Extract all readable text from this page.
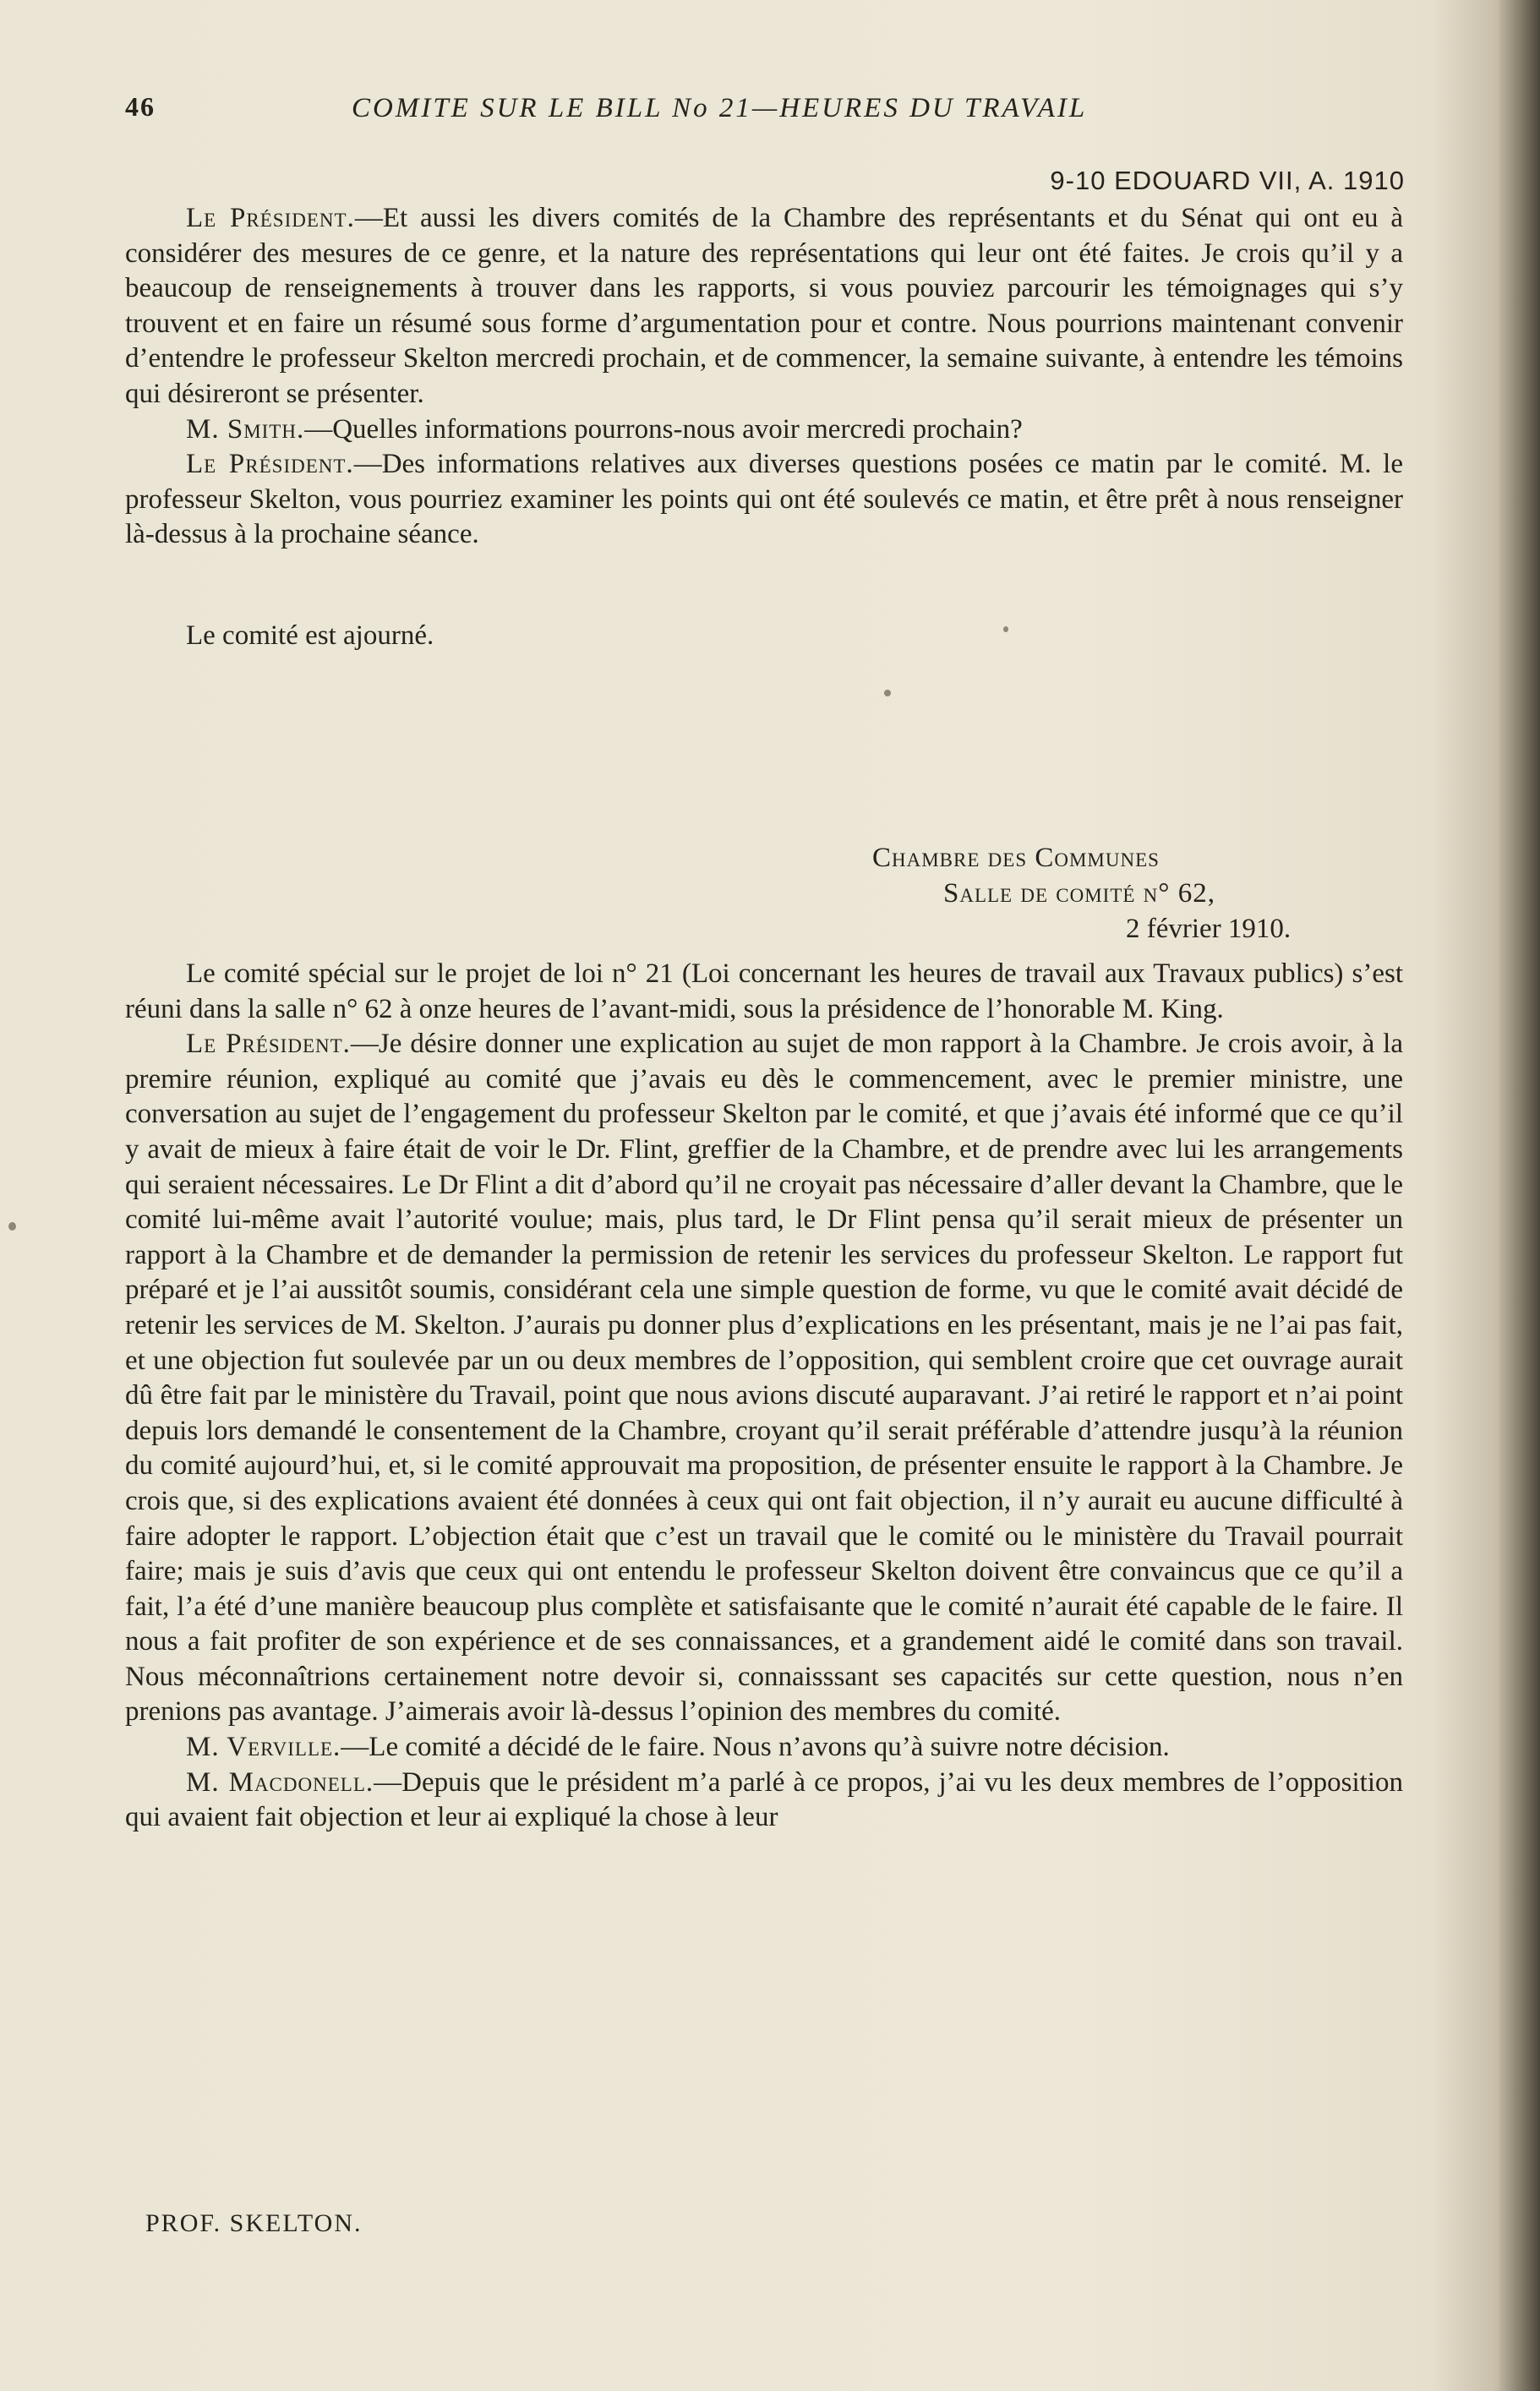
46	COMITE SUR LE BILL No 21—HEURES DU TRAVAIL
9-10 EDOUARD VII, A. 1910

Le Président.—Et aussi les divers comités de la Chambre des représentants et du Sénat qui ont eu à considérer des mesures de ce genre, et la nature des représentations qui leur ont été faites. Je crois qu’il y a beaucoup de renseignements à trouver dans les rapports, si vous pouviez parcourir les témoignages qui s’y trouvent et en faire un résumé sous forme d’argumentation pour et contre. Nous pourrions maintenant convenir d’entendre le professeur Skelton mercredi prochain, et de commencer, la semaine suivante, à entendre les témoins qui désireront se présenter.

M. Smith.—Quelles informations pourrons-nous avoir mercredi prochain?

Le Président.—Des informations relatives aux diverses questions posées ce matin par le comité. M. le professeur Skelton, vous pourriez examiner les points qui ont été soulevés ce matin, et être prêt à nous renseigner là-dessus à la prochaine séance.

Le comité est ajourné.
Chambre des Communes
Salle de comité n° 62,
2 février 1910.

Le comité spécial sur le projet de loi n° 21 (Loi concernant les heures de travail aux Travaux publics) s’est réuni dans la salle n° 62 à onze heures de l’avant-midi, sous la présidence de l’honorable M. King.

Le Président.—Je désire donner une explication au sujet de mon rapport à la Chambre. Je crois avoir, à la premire réunion, expliqué au comité que j’avais eu dès le commencement, avec le premier ministre, une conversation au sujet de l’engagement du professeur Skelton par le comité, et que j’avais été informé que ce qu’il y avait de mieux à faire était de voir le Dr. Flint, greffier de la Chambre, et de prendre avec lui les arrangements qui seraient nécessaires. Le Dr Flint a dit d’abord qu’il ne croyait pas nécessaire d’aller devant la Chambre, que le comité lui-même avait l’autorité voulue; mais, plus tard, le Dr Flint pensa qu’il serait mieux de présenter un rapport à la Chambre et de demander la permission de retenir les services du professeur Skelton. Le rapport fut préparé et je l’ai aussitôt soumis, considérant cela une simple question de forme, vu que le comité avait décidé de retenir les services de M. Skelton. J’aurais pu donner plus d’explications en les présentant, mais je ne l’ai pas fait, et une objection fut soulevée par un ou deux membres de l’opposition, qui semblent croire que cet ouvrage aurait dû être fait par le ministère du Travail, point que nous avions discuté auparavant. J’ai retiré le rapport et n’ai point depuis lors demandé le consentement de la Chambre, croyant qu’il serait préférable d’attendre jusqu’à la réunion du comité aujourd’hui, et, si le comité approuvait ma proposition, de présenter ensuite le rapport à la Chambre. Je crois que, si des explications avaient été données à ceux qui ont fait objection, il n’y aurait eu aucune difficulté à faire adopter le rapport. L’objection était que c’est un travail que le comité ou le ministère du Travail pourrait faire; mais je suis d’avis que ceux qui ont entendu le professeur Skelton doivent être convaincus que ce qu’il a fait, l’a été d’une manière beaucoup plus complète et satisfaisante que le comité n’aurait été capable de le faire. Il nous a fait profiter de son expérience et de ses connaissances, et a grandement aidé le comité dans son travail. Nous méconnaîtrions certainement notre devoir si, connaisssant ses capacités sur cette question, nous n’en prenions pas avantage. J’aimerais avoir là-dessus l’opinion des membres du comité.

M. Verville.—Le comité a décidé de le faire. Nous n’avons qu’à suivre notre décision.

M. Macdonell.—Depuis que le président m’a parlé à ce propos, j’ai vu les deux membres de l’opposition qui avaient fait objection et leur ai expliqué la chose à leur

PROF. SKELTON.
